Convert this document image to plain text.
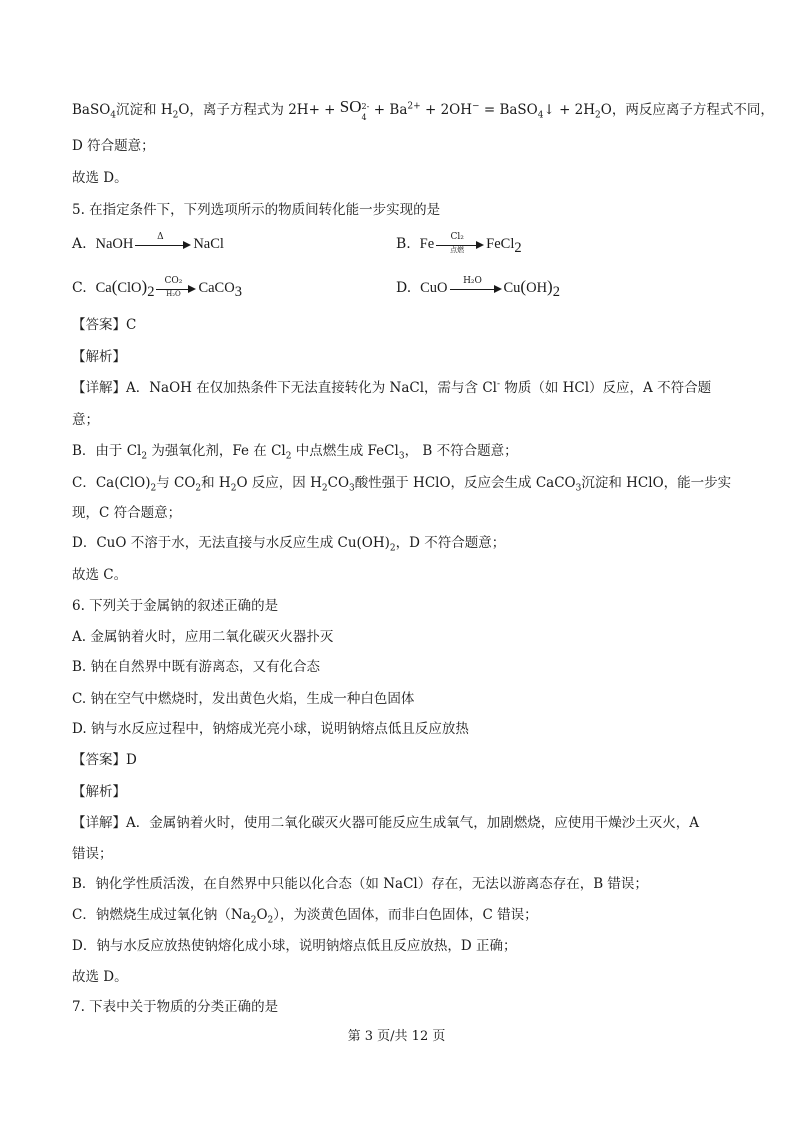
BaSO$_4$沉淀和 $H_2O$，离子方程式为 2H+ + SO 2-
$4 + Ba^{2+} + 2OH^-$ = BaSO$_4$↓ + $2H_2O$，两反应离子方程式不同，
D 符合题意；
故选 D。
5. 在指定条件下，下列选项所示的物质间转化能一步实现的是
A. NaOH	Δ	NaCl	B. Fe	Cl₂
点燃	FeCl$_2$
C. $Ca(ClO)_2$
CO₂
H₂O	CaCO$_3$	D. CuO	H₂O	$Cu(OH)_2$
【答案】C
【解析】
【详解】A．NaOH 在仅加热条件下无法直接转化为 NaCl，需与含 Cl- 物质（如 HCl）反应，A 不符合题
意；
B．由于 $Cl_2$ 为强氧化剂，Fe 在 $Cl_2$ 中点燃生成 FeCl$_3$， B 不符合题意；
C．$Ca(ClO)_2$与 $CO_2$和 $H_2O$ 反应，因 $H_2CO_3$酸性强于 HClO，反应会生成 CaCO$_3$沉淀和 HClO，能一步实
现，C 符合题意；
D．CuO 不溶于水，无法直接与水反应生成 $Cu(OH)_2$，D 不符合题意；
故选 C。
6. 下列关于金属钠的叙述正确的是
A. 金属钠着火时，应用二氧化碳灭火器扑灭
B. 钠在自然界中既有游离态，又有化合态
C. 钠在空气中燃烧时，发出黄色火焰，生成一种白色固体
D. 钠与水反应过程中，钠熔成光亮小球，说明钠熔点低且反应放热
【答案】D
【解析】
【详解】A．金属钠着火时，使用二氧化碳灭火器可能反应生成氧气，加剧燃烧，应使用干燥沙土灭火，A
错误；
B．钠化学性质活泼，在自然界中只能以化合态（如 NaCl）存在，无法以游离态存在，B 错误；
C．钠燃烧生成过氧化钠$(Na_2O_2)$，为淡黄色固体，而非白色固体，C 错误；
D．钠与水反应放热使钠熔化成小球，说明钠熔点低且反应放热，D 正确；
故选 D。
7. 下表中关于物质的分类正确的是
第 3 页/共 12 页
